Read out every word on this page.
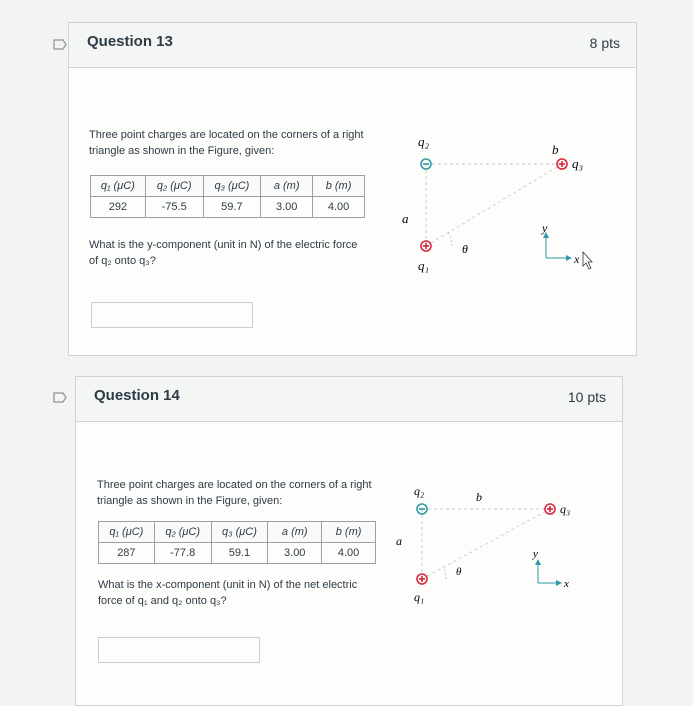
Question 13	8 pts
Three point charges are located on the corners of a right triangle as shown in the Figure, given:
q₁ (μC)	q₂ (μC)	q₃ (μC)	a (m)	b (m)
292	-75.5	59.7	3.00	4.00
What is the y-component (unit in N) of the electric force of q₂ onto q₃?
q₂
b
q₃
a
θ
q₁
y
x
Question 14	10 pts
Three point charges are located on the corners of a right triangle as shown in the Figure, given:
q₁ (μC)	q₂ (μC)	q₃ (μC)	a (m)	b (m)
287	-77.8	59.1	3.00	4.00
What is the x-component (unit in N) of the net electric force of q₁ and q₂ onto q₃?
q₂	b
q₃
a
θ
q₁
y
x
